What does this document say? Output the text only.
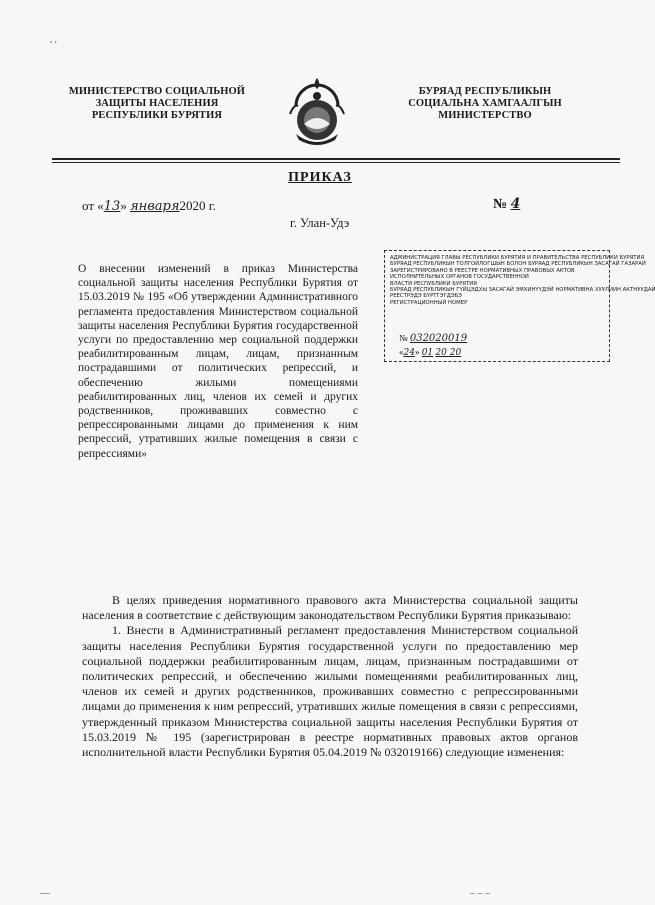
ʹ ʹ
МИНИСТЕРСТВО СОЦИАЛЬНОЙ
ЗАЩИТЫ НАСЕЛЕНИЯ
РЕСПУБЛИКИ БУРЯТИЯ
БУРЯАД РЕСПУБЛИКЫН
СОЦИАЛЬНА ХАМГААЛГЫН
МИНИСТЕРСТВО
ПРИКАЗ
от «13» января2020 г.	№ 4
г. Улан-Удэ
О внесении изменений в приказ Министерства социальной защиты населения Республики Бурятия от 15.03.2019 № 195 «Об утверждении Административного регламента предоставления Министерством социальной защиты населения Республики Бурятия государственной услуги по предоставлению мер социальной поддержки реабилитированным лицам, лицам, признанным пострадавшими от политических репрессий, и обеспечению жилыми помещениями реабилитированных лиц, членов их семей и других родственников, проживавших совместно с репрессированными лицами до применения к ним репрессий, утративших жилые помещения в связи с репрессиями»
АДМИНИСТРАЦИЯ ГЛАВЫ РЕСПУБЛИКИ БУРЯТИЯ И ПРАВИТЕЛЬСТВА РЕСПУБЛИКИ БУРЯТИЯ
БУРЯАД РЕСПУБЛИКЫН ТОЛГОЙЛОГШЫН БОЛОН БУРЯАД РЕСПУБЛИКЫН ЗАСАГАЙ ГАЗАРАЙ
ЗАРЕГИСТРИРОВАНО В РЕЕСТРЕ НОРМАТИВНЫХ ПРАВОВЫХ АКТОВ
ИСПОЛНИТЕЛЬНЫХ ОРГАНОВ ГОСУДАРСТВЕННОЙ
ВЛАСТИ РЕСПУБЛИКИ БУРЯТИЯ
БУРЯАД РЕСПУБЛИКЫН ГҮЙЦЭДХЫ ЗАСАГАЙ ЭМХИНҮҮДЭЙ НОРМАТИВНА ХУУЛИИН АКТНУУДАЙ
РЕЕСТРЭДЭ БҮРТГЭГДЭБЭ
РЕГИСТРАЦИОННЫЙ НОМЕР
№ 032020019
«24» 01 20 20

В целях приведения нормативного правового акта Министерства социальной защиты населения в соответствие с действующим законодательством Республики Бурятия приказываю:

1. Внести в Административный регламент предоставления Министерством социальной защиты населения Республики Бурятия государственной услуги по предоставлению мер социальной поддержки реабилитированным лицам, лицам, признанным пострадавшими от политических репрессий, и обеспечению жилыми помещениями реабилитированных лиц, членов их семей и других родственников, проживавших совместно с репрессированными лицами до применения к ним репрессий, утративших жилые помещения в связи с репрессиями, утвержденный приказом Министерства социальной защиты населения Республики Бурятия от 15.03.2019 № 195 (зарегистрирован в реестре нормативных правовых актов органов исполнительной власти Республики Бурятия 05.04.2019 № 032019166) следующие изменения:

—	‒ ‒ ‒
